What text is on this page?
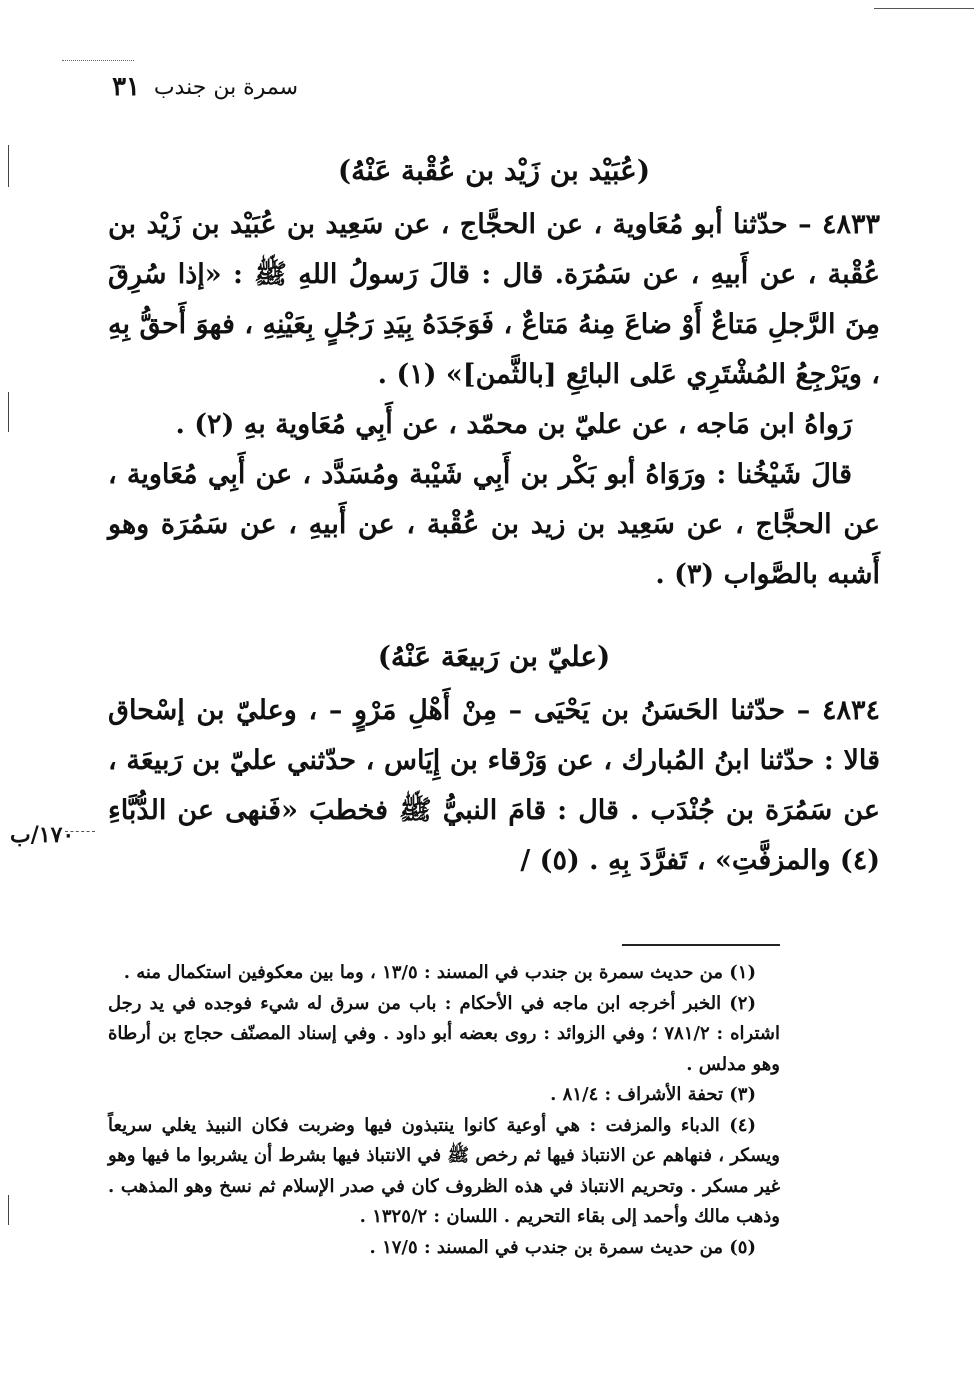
٣١ سمرة بن جندب

(عُبَيْد بن زَيْد بن عُقْبة عَنْهُ)

٤٨٣٣ – حدّثنا أبو مُعَاوية ، عن الحجَّاج ، عن سَعِيد بن عُبَيْد بن زَيْد بن عُقْبة ، عن أَبيهِ ، عن سَمُرَة. قال : قالَ رَسولُ اللهِ ﷺ : «إذا سُرِقَ مِنَ الرَّجلِ مَتاعٌ أَوْ ضاعَ مِنهُ مَتاعٌ ، فَوَجَدَهُ بِيَدِ رَجُلٍ بِعَيْنِهِ ، فهوَ أَحقُّ بِهِ ، ويَرْجِعُ المُشْتَرِي عَلى البائِعِ [بالثَّمن]» (١) .

رَواهُ ابن مَاجه ، عن عليّ بن محمّد ، عن أَبِي مُعَاوية بهِ (٢) .

قالَ شَيْخُنا : ورَوَاهُ أبو بَكْر بن أَبِي شَيْبة ومُسَدَّد ، عن أَبِي مُعَاوية ، عن الحجَّاج ، عن سَعِيد بن زيد بن عُقْبة ، عن أَبيهِ ، عن سَمُرَة وهو أَشبه بالصَّواب (٣) .

(عليّ بن رَبيعَة عَنْهُ)

٤٨٣٤ – حدّثنا الحَسَنُ بن يَحْيَى – مِنْ أَهْلِ مَرْوٍ – ، وعليّ بن إسْحاق قالا : حدّثنا ابنُ المُبارك ، عن وَرْقاء بن إِيَاس ، حدّثني عليّ بن رَبيعَة ، عن سَمُرَة بن جُنْدَب . قال : قامَ النبيُّ ﷺ فخطبَ «فَنهى عن الدُّبَّاءِ (٤) والمزفَّتِ» ، تَفرَّدَ بِهِ . (٥) /

١٧٠/ب

(١) من حديث سمرة بن جندب في المسند : ١٣/٥ ، وما بين معكوفين استكمال منه .

(٢) الخبر أخرجه ابن ماجه في الأحكام : باب من سرق له شيء فوجده في يد رجل اشتراه : ٧٨١/٢ ؛ وفي الزوائد : روى بعضه أبو داود . وفي إسناد المصنّف حجاج بن أرطاة وهو مدلس .

(٣) تحفة الأشراف : ٨١/٤ .

(٤) الدباء والمزفت : هي أوعية كانوا ينتبذون فيها وضربت فكان النبيذ يغلي سريعاً ويسكر ، فنهاهم عن الانتباذ فيها ثم رخص ﷺ في الانتباذ فيها بشرط أن يشربوا ما فيها وهو غير مسكر . وتحريم الانتباذ في هذه الظروف كان في صدر الإسلام ثم نسخ وهو المذهب . وذهب مالك وأحمد إلى بقاء التحريم . اللسان : ١٣٢٥/٢ .

(٥) من حديث سمرة بن جندب في المسند : ١٧/٥ .
